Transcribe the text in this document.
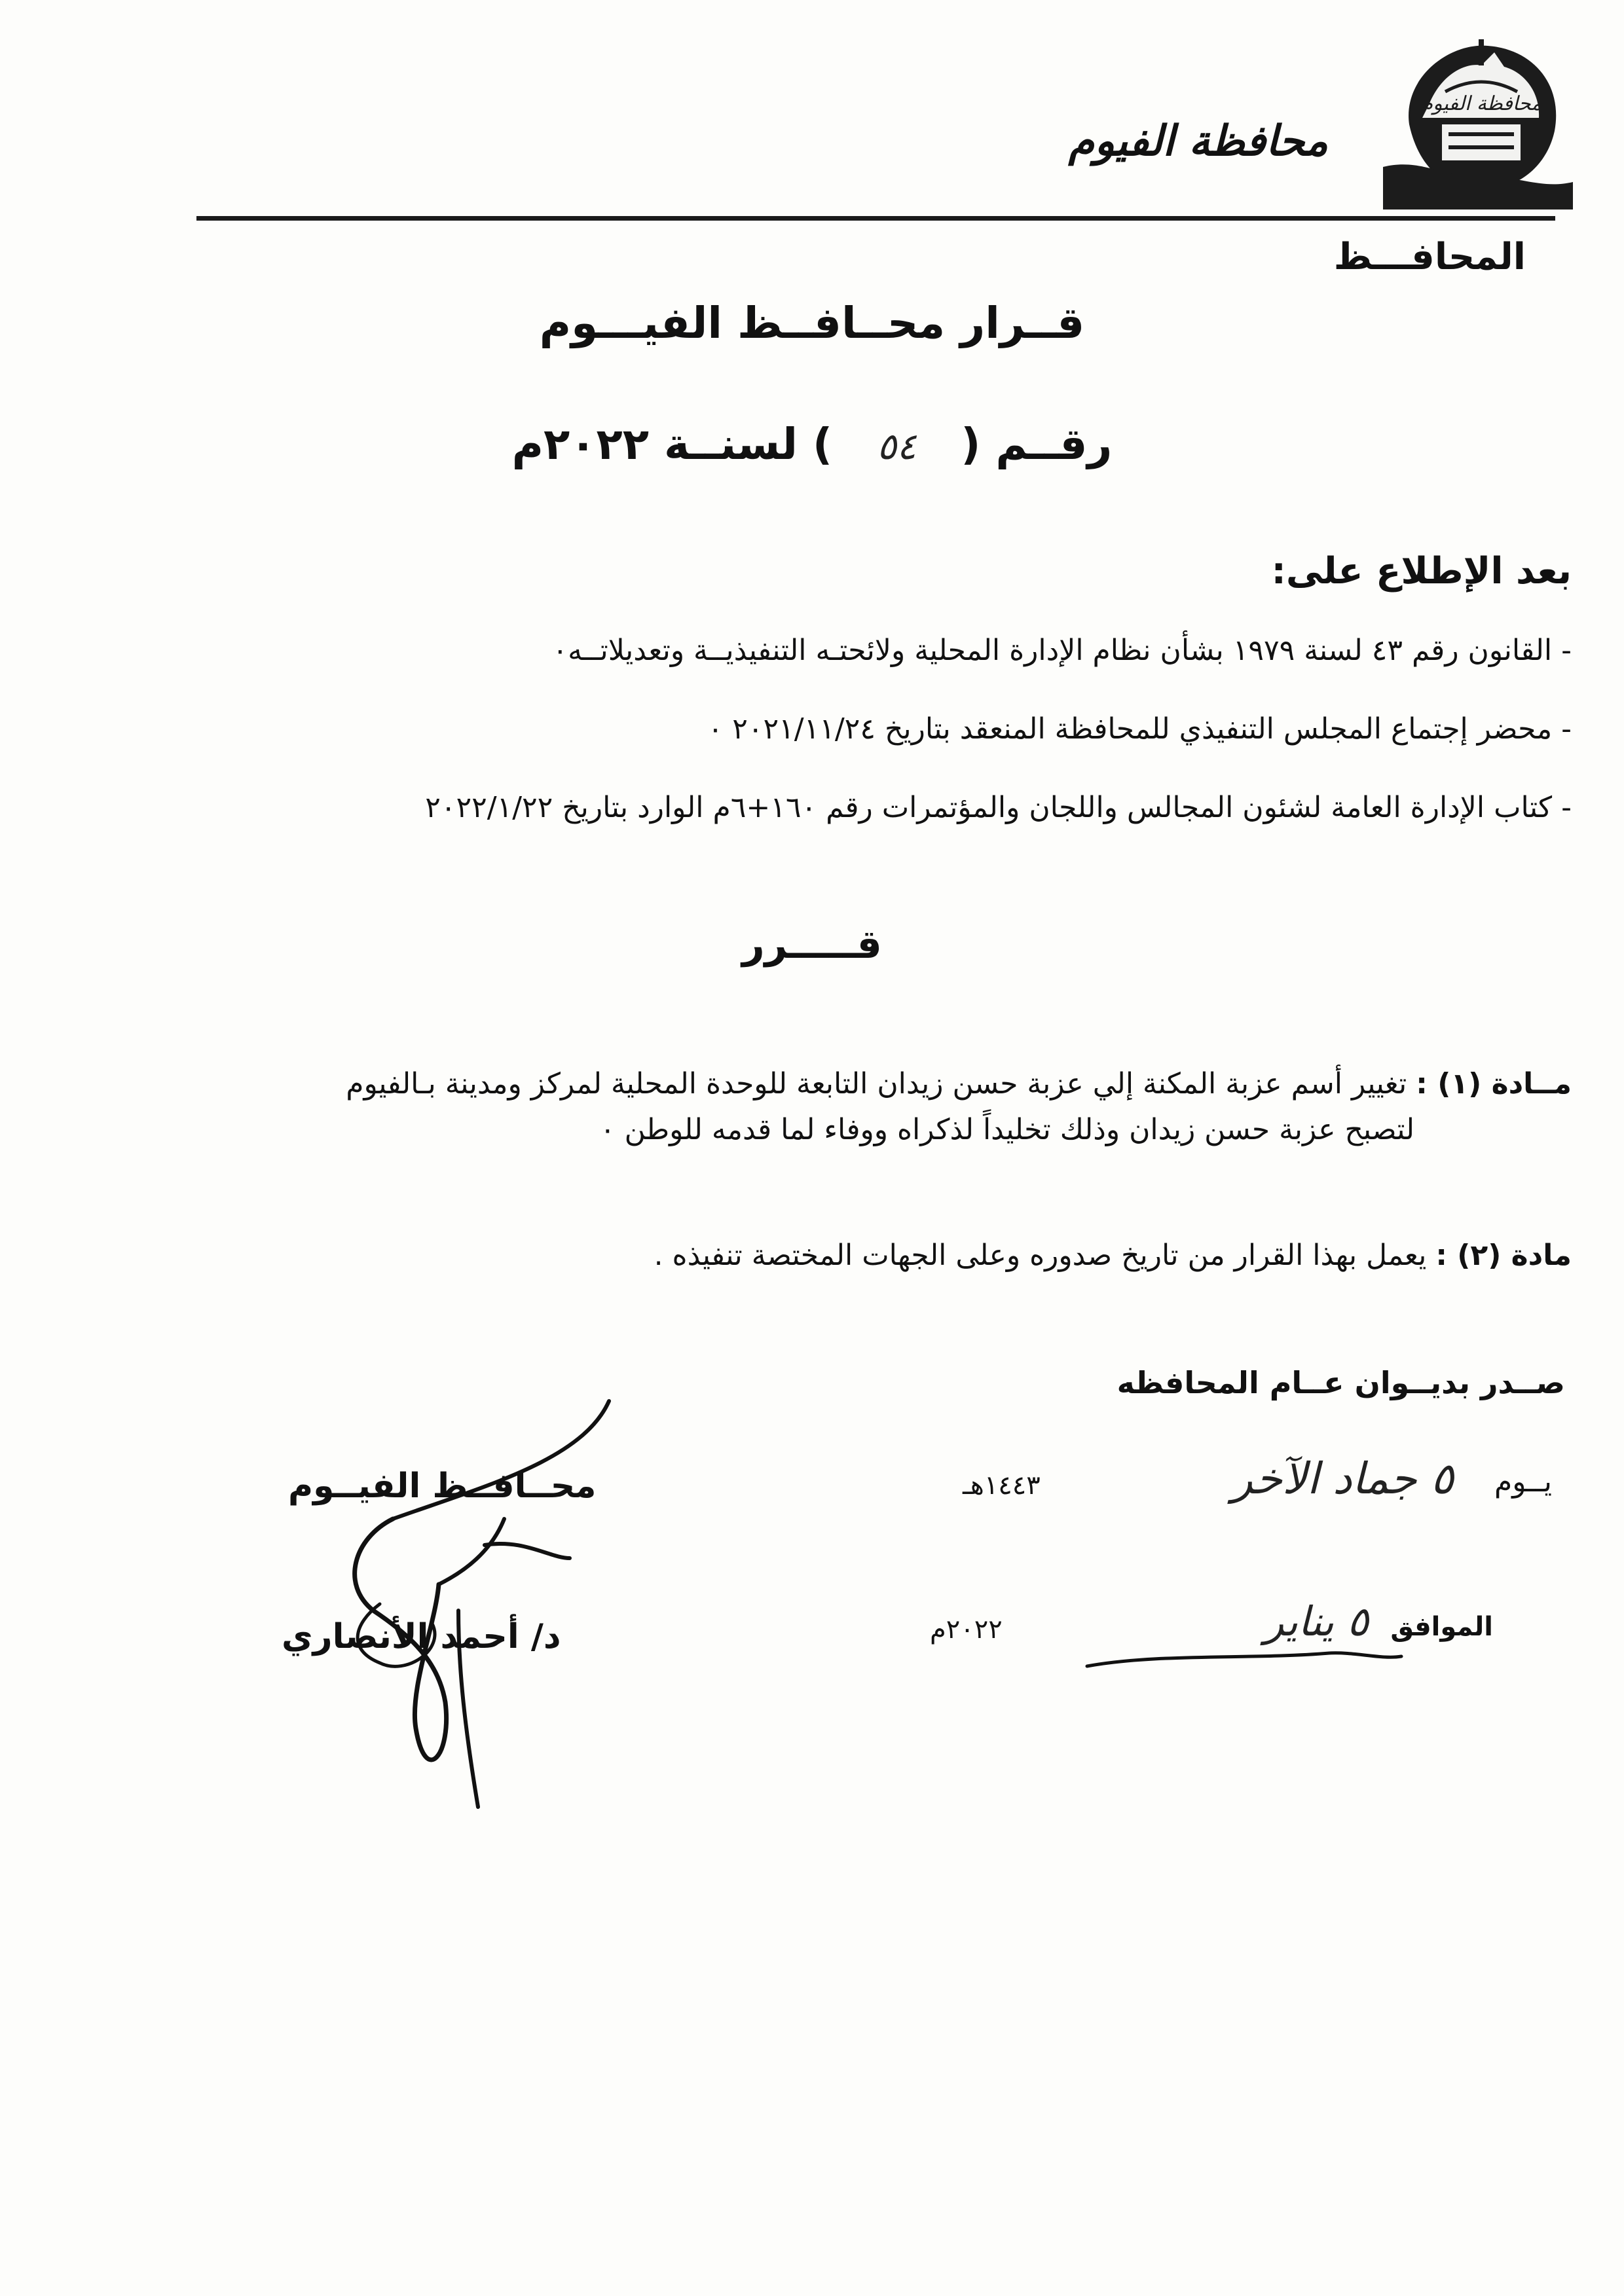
محافظة الفيوم
محافظة الفيوم
المحافـــظ
قــرار محــافــظ الفيـــوم
رقــم ( ٥٤ ) لسنــة ٢٠٢٢م
بعد الإطلاع على:
- القانون رقم ٤٣ لسنة ١٩٧٩ بشأن نظام الإدارة المحلية ولائحتـه التنفيذيــة وتعديلاتــه٠
- محضر إجتماع المجلس التنفيذي للمحافظة المنعقد بتاريخ ٢٠٢١/١١/٢٤ ٠
- كتاب الإدارة العامة لشئون المجالس واللجان والمؤتمرات رقم ١٦٠+٦م الوارد بتاريخ ٢٠٢٢/١/٢٢
قـــــرر
مــادة (١) : تغيير أسم عزبة المكنة إلي عزبة حسن زيدان التابعة للوحدة المحلية لمركز ومدينة بـالفيوم
لتصبح عزبة حسن زيدان وذلك تخليداً لذكراه ووفاء لما قدمه للوطن ٠
مادة (٢) : يعمل بهذا القرار من تاريخ صدوره وعلى الجهات المختصة تنفيذه .
صــدر بديــوان عــام المحافظه
يــوم
٥ جماد الآخر
١٤٤٣هـ
الموافق
٥ يناير
٢٠٢٢م
محــافــظ الفيــوم
د/ أحمد الأنصاري
